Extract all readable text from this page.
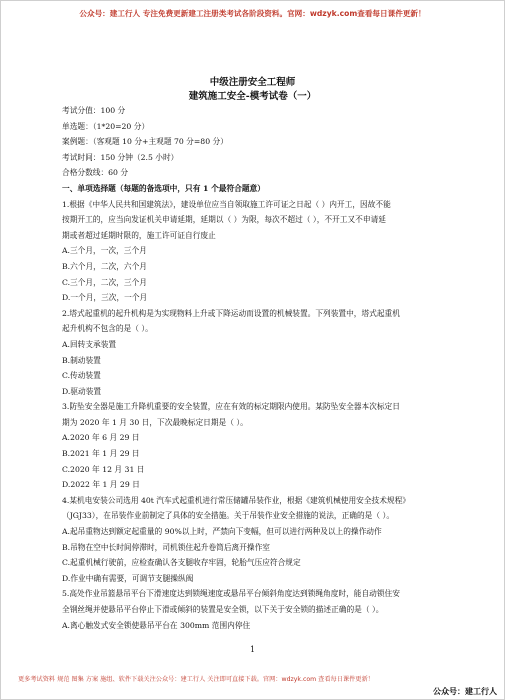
公众号：建工行人 专注免费更新建工注册类考试各阶段资料。官网：wdzyk.com查看每日课件更新！
中级注册安全工程师
建筑施工安全-模考试卷（一）

考试分值：100 分

单选题：（1*20=20 分）

案例题：（客观题 10 分+主观题 70 分=80 分）

考试时间：150 分钟（2.5 小时）

合格分数线：60 分

一、单项选择题（每题的备选项中，只有 1 个最符合题意）

1.根据《中华人民共和国建筑法》，建设单位应当自领取施工许可证之日起（ ）内开工，因故不能

按期开工的，应当向发证机关申请延期，延期以（ ）为限，每次不超过（ ），不开工又不申请延

期或者超过延期时限的，施工许可证自行废止

A.三个月，一次，三个月

B.六个月，二次，六个月

C.三个月，二次，三个月

D.一个月，三次，一个月

2.塔式起重机的起升机构是为实现物料上升或下降运动而设置的机械装置。下列装置中，塔式起重机

起升机构不包含的是（ ）。

A.回转支承装置

B.制动装置

C.传动装置

D.驱动装置

3.防坠安全器是施工升降机重要的安全装置，应在有效的标定期限内使用。某防坠安全器本次标定日

期为 2020 年 1 月 30 日，下次最晚标定日期是（ ）。

A.2020 年 6 月 29 日

B.2021 年 1 月 29 日

C.2020 年 12 月 31 日

D.2022 年 1 月 29 日

4.某机电安装公司选用 40t 汽车式起重机进行常压储罐吊装作业，根据《建筑机械使用安全技术规程》

（JGJ33），在吊装作业前制定了具体的安全措施。关于吊装作业安全措施的说法，正确的是（ ）。

A.起吊重物达到额定起重量的 90%以上时，严禁向下变幅，但可以进行两种及以上的操作动作

B.吊物在空中长时间停滞时，司机锁住起升卷筒后离开操作室

C.起重机械行驶前，应检查确认各支腿收存牢固，轮胎气压应符合规定

D.作业中确有需要，可调节支腿操纵阀

5.高处作业吊篮悬吊平台下滑速度达到锁绳速度或悬吊平台倾斜角度达到锁绳角度时，能自动锁住安

全钢丝绳并使悬吊平台停止下滑或倾斜的装置是安全锁，以下关于安全锁的描述正确的是（ ）。

A.离心触发式安全锁使悬吊平台在 300mm 范围内停住

1
更多考试资料 规范 图集 方案 施组、软件下载关注公众号：建工行人 关注即可直接下载。官网：wdzyk.com 查看每日课件更新！
公众号：建工行人
